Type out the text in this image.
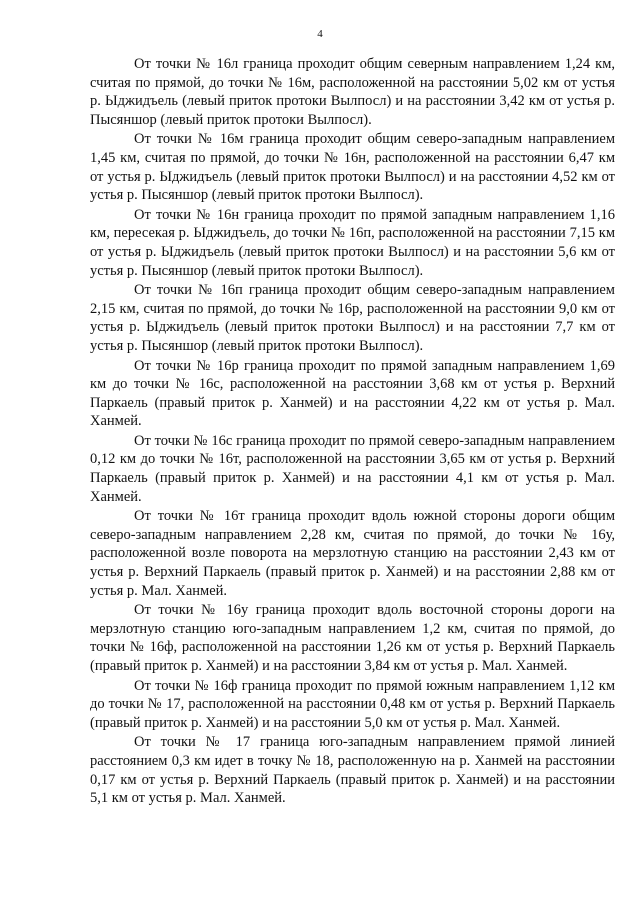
4

От точки № 16л граница проходит общим северным направлением 1,24 км, считая по прямой, до точки № 16м, расположенной на расстоянии 5,02 км от устья р. Ыджидъель (левый приток протоки Вылпосл) и на расстоянии 3,42 км от устья р. Пысяншор (левый приток протоки Вылпосл).

От точки № 16м граница проходит общим северо-западным направлением 1,45 км, считая по прямой, до точки № 16н, расположенной на расстоянии 6,47 км от устья р. Ыджидъель (левый приток протоки Вылпосл) и на расстоянии 4,52 км от устья р. Пысяншор (левый приток протоки Вылпосл).

От точки № 16н граница проходит по прямой западным направлением 1,16 км, пересекая р. Ыджидъель, до точки № 16п, расположенной на расстоянии 7,15 км от устья р. Ыджидъель (левый приток протоки Вылпосл) и на расстоянии 5,6 км от устья р. Пысяншор (левый приток протоки Вылпосл).

От точки № 16п граница проходит общим северо-западным направлением 2,15 км, считая по прямой, до точки № 16р, расположенной на расстоянии 9,0 км от устья р. Ыджидъель (левый приток протоки Вылпосл) и на расстоянии 7,7 км от устья р. Пысяншор (левый приток протоки Вылпосл).

От точки № 16р граница проходит по прямой западным направлением 1,69 км до точки № 16с, расположенной на расстоянии 3,68 км от устья р. Верхний Паркаель (правый приток р. Ханмей) и на расстоянии 4,22 км от устья р. Мал. Ханмей.

От точки № 16с граница проходит по прямой северо-западным направлением 0,12 км до точки № 16т, расположенной на расстоянии 3,65 км от устья р. Верхний Паркаель (правый приток р. Ханмей) и на расстоянии 4,1 км от устья р. Мал. Ханмей.

От точки № 16т граница проходит вдоль южной стороны дороги общим северо-западным направлением 2,28 км, считая по прямой, до точки № 16у, расположенной возле поворота на мерзлотную станцию на расстоянии 2,43 км от устья р. Верхний Паркаель (правый приток р. Ханмей) и на расстоянии 2,88 км от устья р. Мал. Ханмей.

От точки № 16у граница проходит вдоль восточной стороны дороги на мерзлотную станцию юго-западным направлением 1,2 км, считая по прямой, до точки № 16ф, расположенной на расстоянии 1,26 км от устья р. Верхний Паркаель (правый приток р. Ханмей) и на расстоянии 3,84 км от устья р. Мал. Ханмей.

От точки № 16ф граница проходит по прямой южным направлением 1,12 км до точки № 17, расположенной на расстоянии 0,48 км от устья р. Верхний Паркаель (правый приток р. Ханмей) и на расстоянии 5,0 км от устья р. Мал. Ханмей.

От точки № 17 граница юго-западным направлением прямой линией расстоянием 0,3 км идет в точку № 18, расположенную на р. Ханмей на расстоянии 0,17 км от устья р. Верхний Паркаель (правый приток р. Ханмей) и на расстоянии 5,1 км от устья р. Мал. Ханмей.
